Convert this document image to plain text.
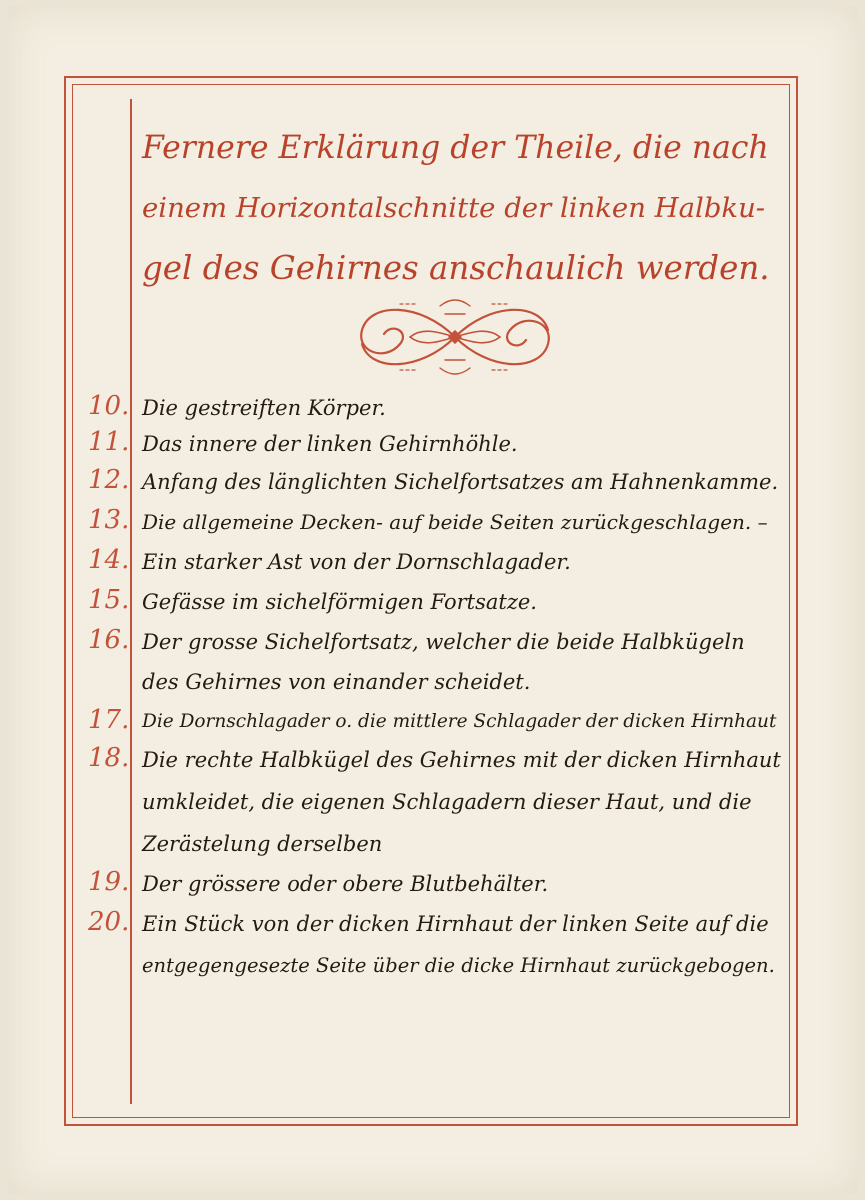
Fernere Erklärung der Theile, die nach
einem Horizontalschnitte der linken Halbku-
gel des Gehirnes anschaulich werden.
10. Die gestreiften Körper.
11. Das innere der linken Gehirnhöhle.
12. Anfang des länglichten Sichelfortsatzes am Hahnenkamme.
13. Die allgemeine Decken- auf beide Seiten zurückgeschlagen. –
14. Ein starker Ast von der Dornschlagader.
15. Gefässe im sichelförmigen Fortsatze.
16. Der grosse Sichelfortsatz, welcher die beide Halbkügeln
des Gehirnes von einander scheidet.
17. Die Dornschlagader o. die mittlere Schlagader der dicken Hirnhaut
18. Die rechte Halbkügel des Gehirnes mit der dicken Hirnhaut
umkleidet, die eigenen Schlagadern dieser Haut, und die
Zerästelung derselben
19. Der grössere oder obere Blutbehälter.
20. Ein Stück von der dicken Hirnhaut der linken Seite auf die
entgegengesezte Seite über die dicke Hirnhaut zurückgebogen.
